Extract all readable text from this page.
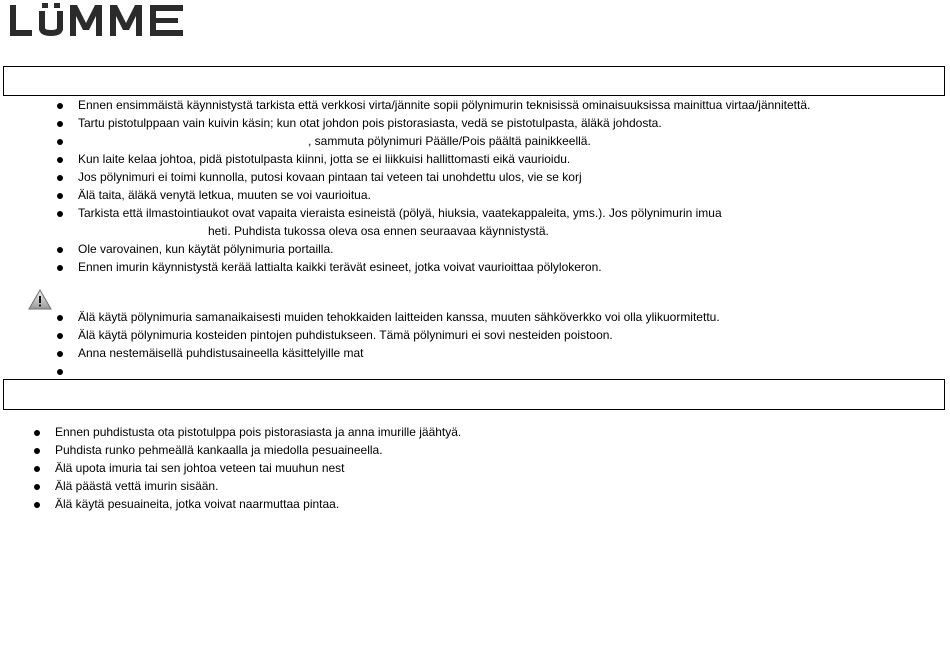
Ennen ensimmäistä käynnistystä tarkista että verkkosi virta/jännite sopii pölynimurin teknisissä ominaisuuksissa mainittua virtaa/jännitettä.
Tartu pistotulppaan vain kuivin käsin; kun otat johdon pois pistorasiasta, vedä se pistotulpasta, äläkä johdosta.
, sammuta pölynimuri Päälle/Pois päältä painikkeellä.
Kun laite kelaa johtoa, pidä pistotulpasta kiinni, jotta se ei liikkuisi hallittomasti eikä vaurioidu.
Jos pölynimuri ei toimi kunnolla, putosi kovaan pintaan tai veteen tai unohdettu ulos, vie se korj
Älä taita, äläkä venytä letkua, muuten se voi vaurioitua.
Tarkista että ilmastointiaukot ovat vapaita vieraista esineistä (pölyä, hiuksia, vaatekappaleita, yms.). Jos pölynimurin imua
heti. Puhdista tukossa oleva osa ennen seuraavaa käynnistystä.
Ole varovainen, kun käytät pölynimuria portailla.
Ennen imurin käynnistystä kerää lattialta kaikki terävät esineet, jotka voivat vaurioittaa pölylokeron.
Älä käytä pölynimuria samanaikaisesti muiden tehokkaiden laitteiden kanssa, muuten sähköverkko voi olla ylikuormitettu.
Älä käytä pölynimuria kosteiden pintojen puhdistukseen. Tämä pölynimuri ei sovi nesteiden poistoon.
Anna nestemäisellä puhdistusaineella käsittelyille mat

Ennen puhdistusta ota pistotulppa pois pistorasiasta ja anna imurille jäähtyä.
Puhdista runko pehmeällä kankaalla ja miedolla pesuaineella.
Älä upota imuria tai sen johtoa veteen tai muuhun nest
Älä päästä vettä imurin sisään.
Älä käytä pesuaineita, jotka voivat naarmuttaa pintaa.
